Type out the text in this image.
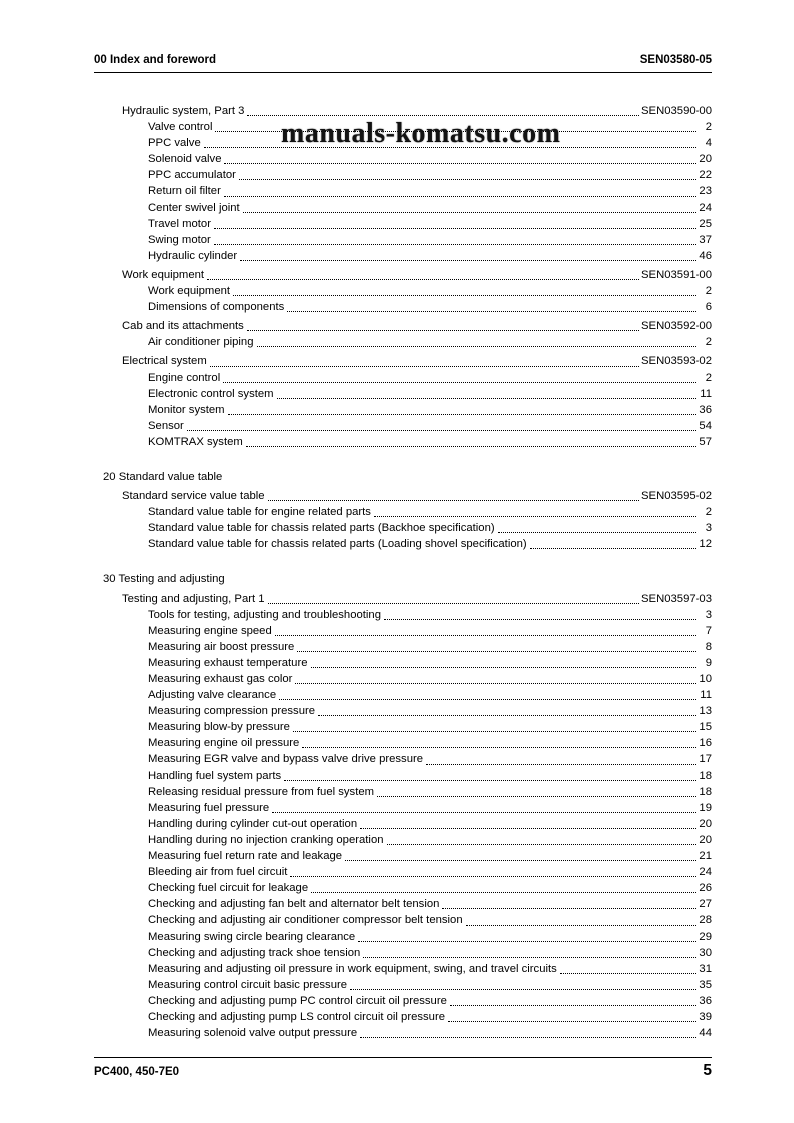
00 Index and foreword	SEN03580-05
Hydraulic system, Part 3	SEN03590-00
Valve control	2
PPC valve	4
Solenoid valve	20
PPC accumulator	22
Return oil filter	23
Center swivel joint	24
Travel motor	25
Swing motor	37
Hydraulic cylinder	46
Work equipment	SEN03591-00
Work equipment	2
Dimensions of components	6
Cab and its attachments	SEN03592-00
Air conditioner piping	2
Electrical system	SEN03593-02
Engine control	2
Electronic control system	11
Monitor system	36
Sensor	54
KOMTRAX system	57
20 Standard value table
Standard service value table	SEN03595-02
Standard value table for engine related parts	2
Standard value table for chassis related parts (Backhoe specification)	3
Standard value table for chassis related parts (Loading shovel specification)	12
30 Testing and adjusting
Testing and adjusting, Part 1	SEN03597-03
Tools for testing, adjusting and troubleshooting	3
Measuring engine speed	7
Measuring air boost pressure	8
Measuring exhaust temperature	9
Measuring exhaust gas color	10
Adjusting valve clearance	11
Measuring compression pressure	13
Measuring blow-by pressure	15
Measuring engine oil pressure	16
Measuring EGR valve and bypass valve drive pressure	17
Handling fuel system parts	18
Releasing residual pressure from fuel system	18
Measuring fuel pressure	19
Handling during cylinder cut-out operation	20
Handling during no injection cranking operation	20
Measuring fuel return rate and leakage	21
Bleeding air from fuel circuit	24
Checking fuel circuit for leakage	26
Checking and adjusting fan belt and alternator belt tension	27
Checking and adjusting air conditioner compressor belt tension	28
Measuring swing circle bearing clearance	29
Checking and adjusting track shoe tension	30
Measuring and adjusting oil pressure in work equipment, swing, and travel circuits	31
Measuring control circuit basic pressure	35
Checking and adjusting pump PC control circuit oil pressure	36
Checking and adjusting pump LS control circuit oil pressure	39
Measuring solenoid valve output pressure	44
manuals-komatsu.com
PC400, 450-7E0	5
